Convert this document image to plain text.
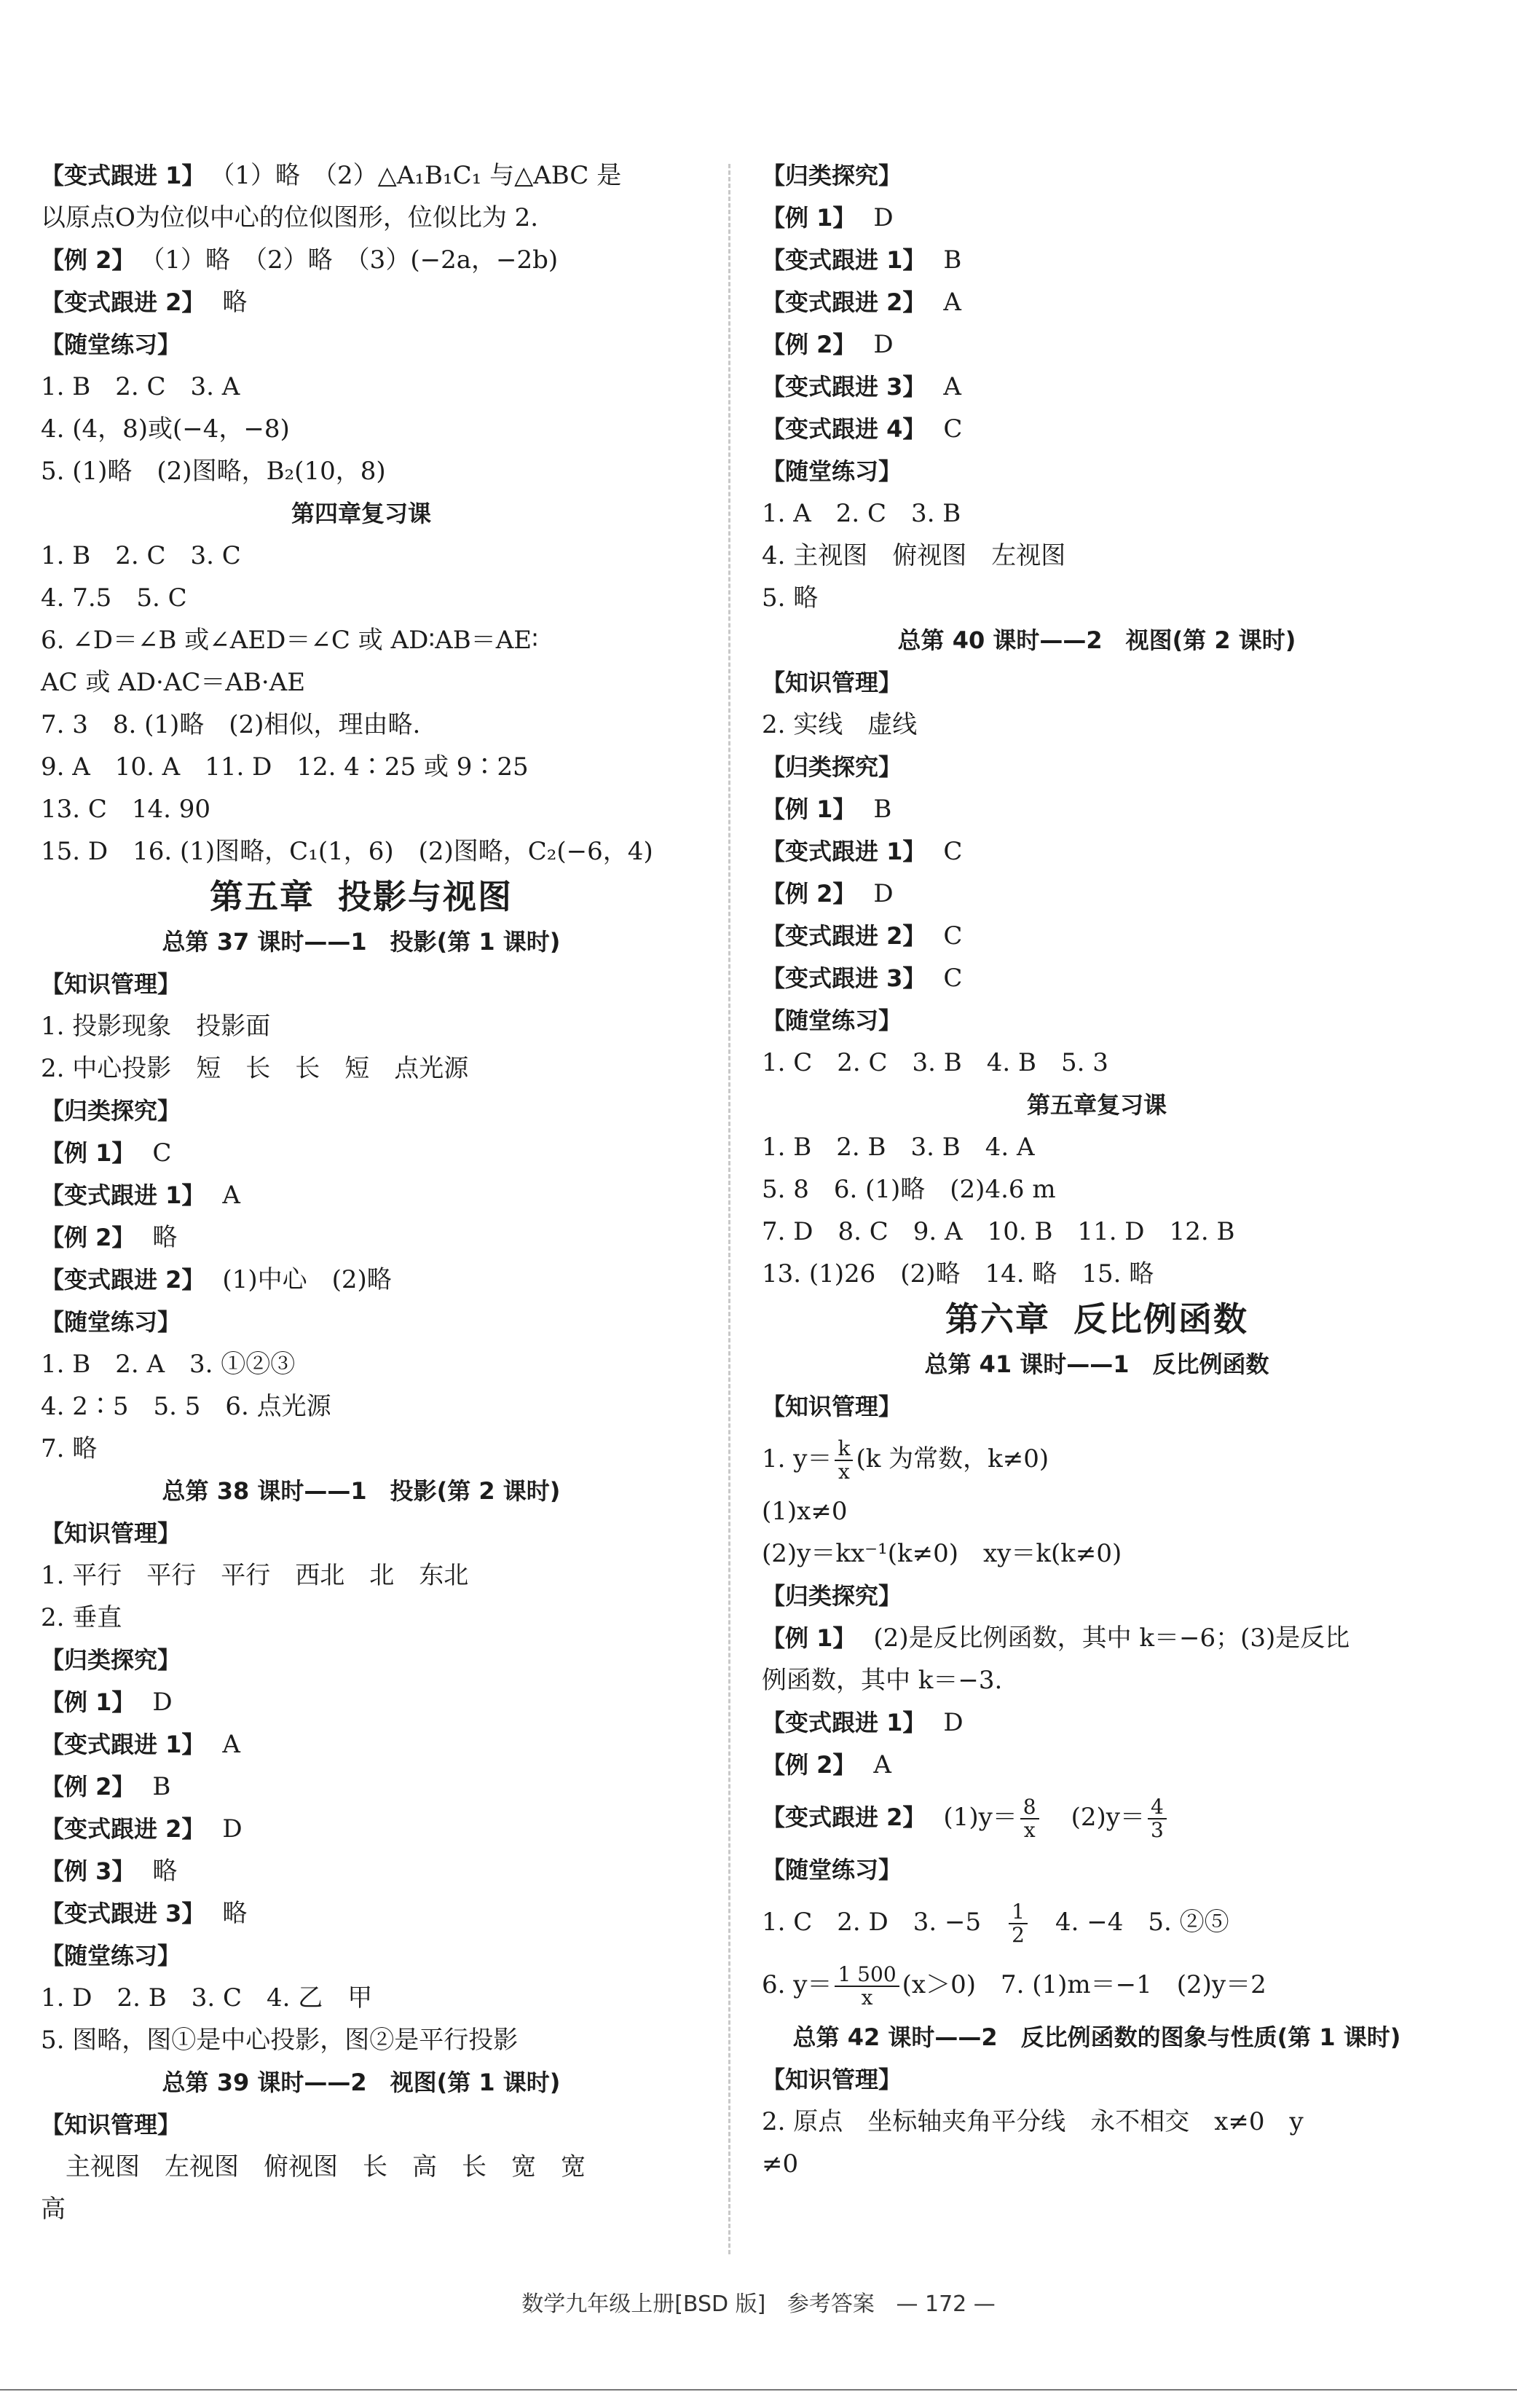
【变式跟进 1】　（1）略　（2）△A₁B₁C₁ 与△ABC 是
以原点O为位似中心的位似图形，位似比为 2.
【例 2】　（1）略　（2）略　（3）(−2a，−2b)
【变式跟进 2】　略
【随堂练习】
1. B　2. C　3. A
4. (4，8)或(−4，−8)
5. (1)略　(2)图略，B₂(10，8)
第四章复习课
1. B　2. C　3. C
4. 7.5　5. C
6. ∠D＝∠B 或∠AED＝∠C 或 AD∶AB＝AE∶
AC 或 AD·AC＝AB·AE
7. 3　8. (1)略　(2)相似，理由略.
9. A　10. A　11. D　12. 4∶25 或 9∶25
13. C　14. 90
15. D　16. (1)图略，C₁(1，6)　(2)图略，C₂(−6，4)
第五章 投影与视图
总第 37 课时——1　投影(第 1 课时)
【知识管理】
1. 投影现象　投影面
2. 中心投影　短　长　长　短　点光源
【归类探究】
【例 1】　C
【变式跟进 1】　A
【例 2】　略
【变式跟进 2】　(1)中心　(2)略
【随堂练习】
1. B　2. A　3. ①②③
4. 2∶5　5. 5　6. 点光源
7. 略
总第 38 课时——1　投影(第 2 课时)
【知识管理】
1. 平行　平行　平行　西北　北　东北
2. 垂直
【归类探究】
【例 1】　D
【变式跟进 1】　A
【例 2】　B
【变式跟进 2】　D
【例 3】　略
【变式跟进 3】　略
【随堂练习】
1. D　2. B　3. C　4. 乙　甲
5. 图略，图①是中心投影，图②是平行投影
总第 39 课时——2　视图(第 1 课时)
【知识管理】
　主视图　左视图　俯视图　长　高　长　宽　宽
高
【归类探究】
【例 1】　D
【变式跟进 1】　B
【变式跟进 2】　A
【例 2】　D
【变式跟进 3】　A
【变式跟进 4】　C
【随堂练习】
1. A　2. C　3. B
4. 主视图　俯视图　左视图
5. 略
总第 40 课时——2　视图(第 2 课时)
【知识管理】
2. 实线　虚线
【归类探究】
【例 1】　B
【变式跟进 1】　C
【例 2】　D
【变式跟进 2】　C
【变式跟进 3】　C
【随堂练习】
1. C　2. C　3. B　4. B　5. 3
第五章复习课
1. B　2. B　3. B　4. A
5. 8　6. (1)略　(2)4.6 m
7. D　8. C　9. A　10. B　11. D　12. B
13. (1)26　(2)略　14. 略　15. 略
第六章 反比例函数
总第 41 课时——1　反比例函数
【知识管理】
1. $y= \frac{k}{x} (k$ 为常数，k≠0)
(1)x≠0
(2)y＝kx⁻¹(k≠0)　xy＝k(k≠0)
【归类探究】
【例 1】　(2)是反比例函数，其中 k＝−6；(3)是反比
例函数，其中 k＝−3.
【变式跟进 1】　D
【例 2】　A
【变式跟进 2】　$(1)y= \frac{8}{x}$ 　$(2)y= \frac{4}{3}$
【随堂练习】
1. C　2. D　3. −5　 $\frac{1}{2}$ 　4. −4　5. ②⑤
6. $y= \frac{1 500}{x} (x>0)$　7. (1)m＝−1　(2)y＝2
总第 42 课时——2　反比例函数的图象与性质(第 1 课时)
【知识管理】
2. 原点　坐标轴夹角平分线　永不相交　x≠0　y
≠0
数学九年级上册[BSD 版] 参考答案 — 172 —
